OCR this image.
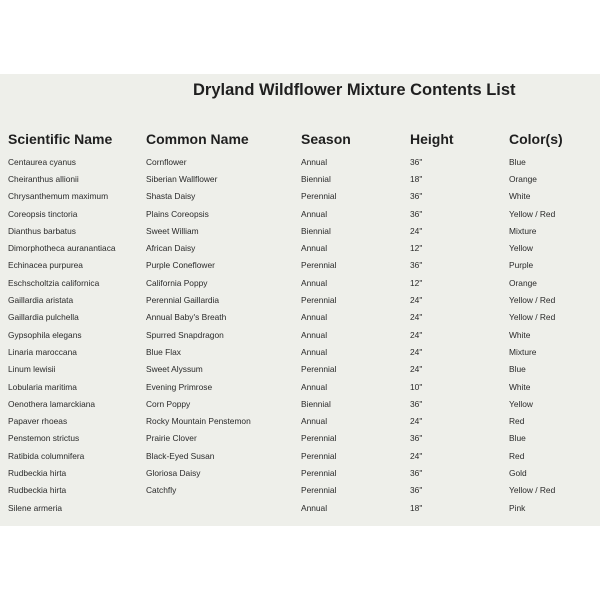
Dryland Wildflower Mixture Contents List
Scientific Name	Common Name	Season	Height	Color(s)
Centaurea cyanus	Cornflower	Annual	36"	Blue
Cheiranthus allionii	Siberian Wallflower	Biennial	18"	Orange
Chrysanthemum maximum	Shasta Daisy	Perennial	36"	White
Coreopsis tinctoria	Plains Coreopsis	Annual	36"	Yellow / Red
Dianthus barbatus	Sweet William	Biennial	24"	Mixture
Dimorphotheca auranantiaca	African Daisy	Annual	12"	Yellow
Echinacea purpurea	Purple Coneflower	Perennial	36"	Purple
Eschscholtzia californica	California Poppy	Annual	12"	Orange
Gaillardia aristata	Perennial Gaillardia	Perennial	24"	Yellow / Red
Gaillardia pulchella	Annual Baby's Breath	Annual	24"	Yellow / Red
Gypsophila elegans	Spurred Snapdragon	Annual	24"	White
Linaria maroccana	Blue Flax	Annual	24"	Mixture
Linum lewisii	Sweet Alyssum	Perennial	24"	Blue
Lobularia maritima	Evening Primrose	Annual	10"	White
Oenothera lamarckiana	Corn Poppy	Biennial	36"	Yellow
Papaver rhoeas	Rocky Mountain Penstemon	Annual	24"	Red
Penstemon strictus	Prairie Clover	Perennial	36"	Blue
Ratibida columnifera	Black-Eyed Susan	Perennial	24"	Red
Rudbeckia hirta	Gloriosa Daisy	Perennial	36"	Gold
Rudbeckia hirta	Catchfly	Perennial	36"	Yellow / Red
Silene armeria		Annual	18"	Pink
